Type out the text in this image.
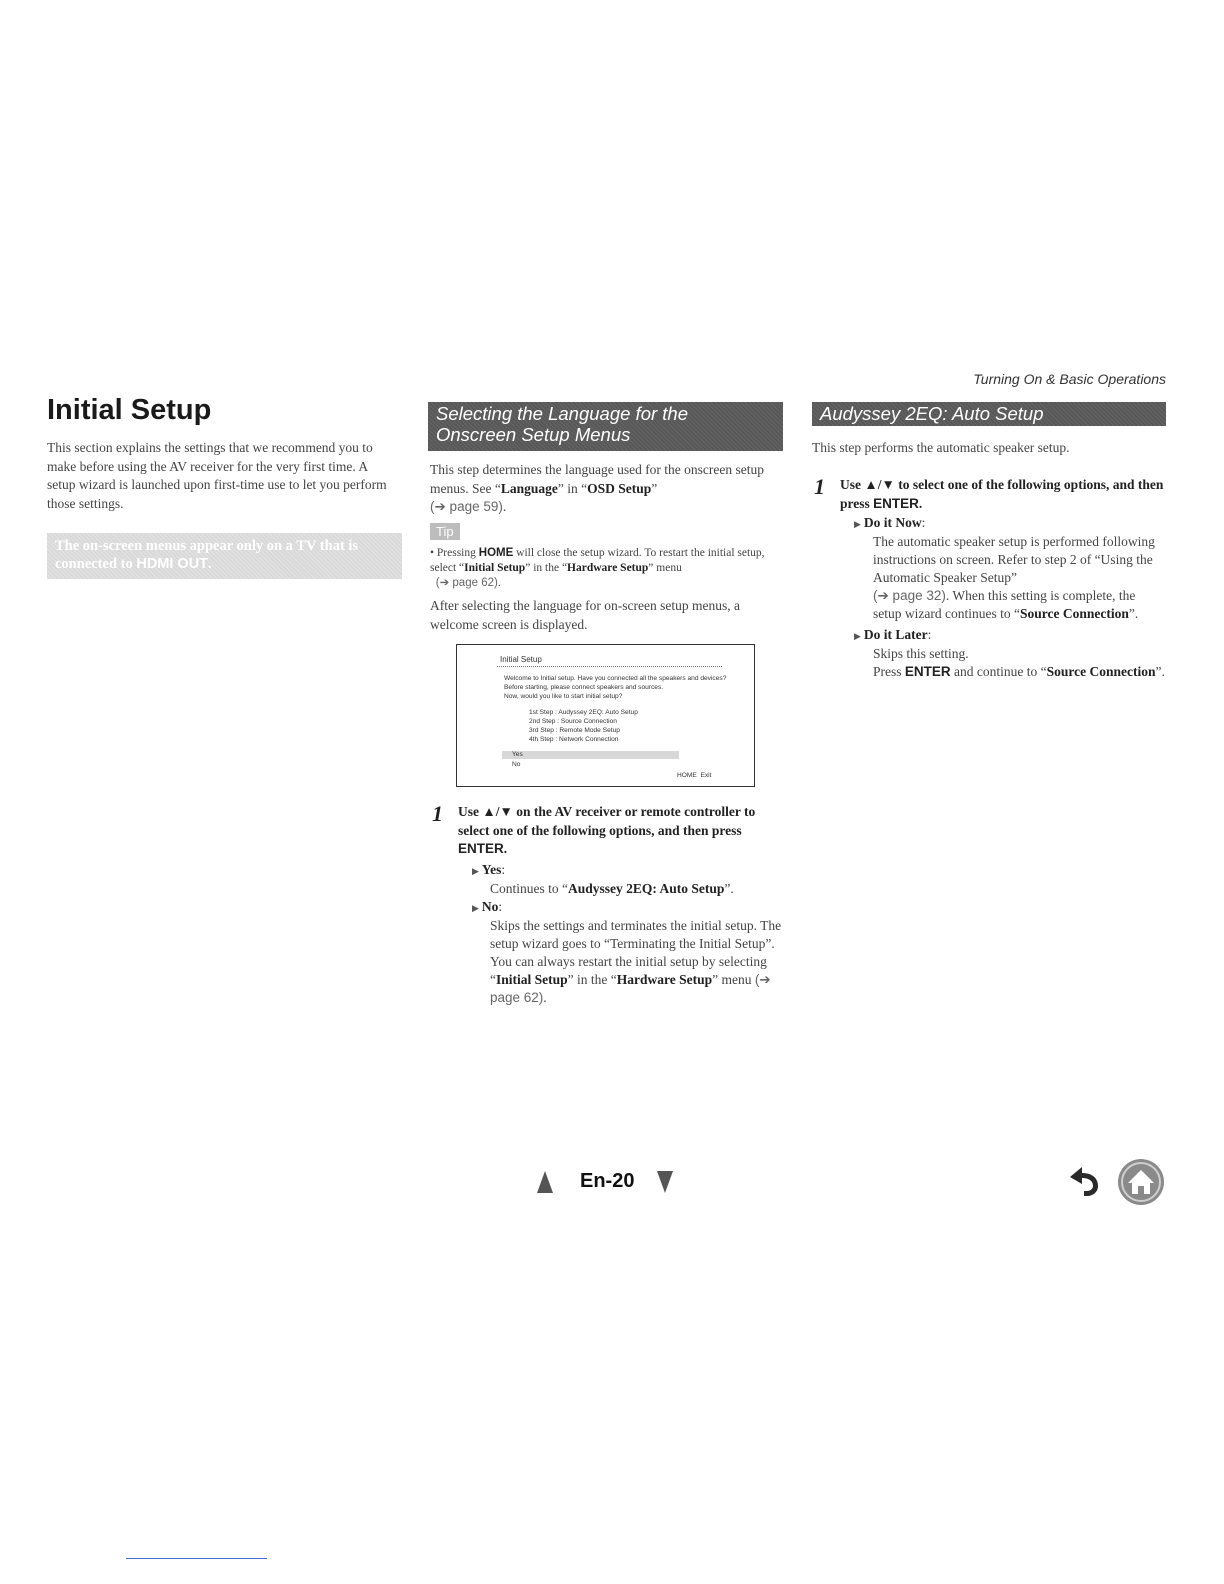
Turning On & Basic Operations
Initial Setup
This section explains the settings that we recommend you to make before using the AV receiver for the very first time. A setup wizard is launched upon first-time use to let you perform those settings.
The on-screen menus appear only on a TV that is connected to HDMI OUT.
Selecting the Language for the
Onscreen Setup Menus
This step determines the language used for the onscreen setup menus. See “Language” in “OSD Setup”
(➔ page 59).
Tip
• Pressing HOME will close the setup wizard. To restart the initial setup, select “Initial Setup” in the “Hardware Setup” menu
(➔ page 62).
After selecting the language for on-screen setup menus, a welcome screen is displayed.
Initial Setup
Welcome to Initial setup. Have you connected all the speakers and devices?
Before starting, please connect speakers and sources.
Now, would you like to start initial setup?
1st Step : Audyssey 2EQ: Auto Setup
2nd Step : Source Connection
3rd Step : Remote Mode Setup
4th Step : Network Connection
Yes
No
HOME Exit
1 Use ▲/▼ on the AV receiver or remote controller to select one of the following options, and then press
ENTER.
▶ Yes:
Continues to “Audyssey 2EQ: Auto Setup”.
▶ No:
Skips the settings and terminates the initial setup. The setup wizard goes to “Terminating the Initial Setup”. You can always restart the initial setup by selecting “Initial Setup” in the “Hardware Setup” menu (➔ page 62).
Audyssey 2EQ: Auto Setup
This step performs the automatic speaker setup.
1 Use ▲/▼ to select one of the following options, and then press ENTER.
▶ Do it Now:
The automatic speaker setup is performed following instructions on screen. Refer to step 2 of “Using the Automatic Speaker Setup”
(➔ page 32). When this setting is complete, the setup wizard continues to “Source Connection”.
▶ Do it Later:
Skips this setting.
Press ENTER and continue to “Source Connection”.
En-20
